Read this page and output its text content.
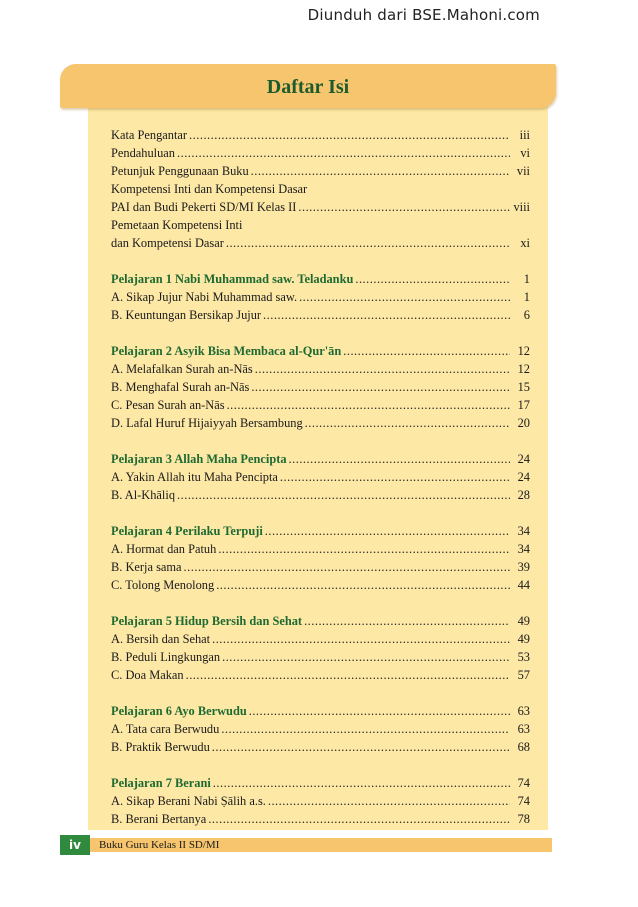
Diunduh dari BSE.Mahoni.com
Daftar Isi
Kata Pengantar .....	iii
Pendahuluan .....	vi
Petunjuk Penggunaan Buku .....	vii
Kompetensi Inti dan Kompetensi Dasar
PAI dan Budi Pekerti SD/MI Kelas II .....	viii
Pemetaan Kompetensi Inti
dan Kompetensi Dasar .....	xi
Pelajaran 1 Nabi Muhammad saw. Teladanku .....	1
A. Sikap Jujur Nabi Muhammad saw. .....	1
B. Keuntungan Bersikap Jujur .....	6
Pelajaran 2 Asyik Bisa Membaca al-Qur'ān .....	12
A. Melafalkan Surah an-Nās .....	12
B. Menghafal Surah an-Nās .....	15
C. Pesan Surah an-Nās .....	17
D. Lafal Huruf Hijaiyyah Bersambung .....	20
Pelajaran 3 Allah Maha Pencipta .....	24
A. Yakin Allah itu Maha Pencipta .....	24
B. Al-Khāliq .....	28
Pelajaran 4 Perilaku Terpuji .....	34
A. Hormat dan Patuh .....	34
B. Kerja sama .....	39
C. Tolong Menolong .....	44
Pelajaran 5 Hidup Bersih dan Sehat .....	49
A. Bersih dan Sehat .....	49
B. Peduli Lingkungan .....	53
C. Doa Makan .....	57
Pelajaran 6 Ayo Berwudu .....	63
A. Tata cara Berwudu .....	63
B. Praktik Berwudu .....	68
Pelajaran 7 Berani .....	74
A. Sikap Berani Nabi Ṣālih a.s. .....	74
B. Berani Bertanya .....	78
iv	Buku Guru Kelas II SD/MI
